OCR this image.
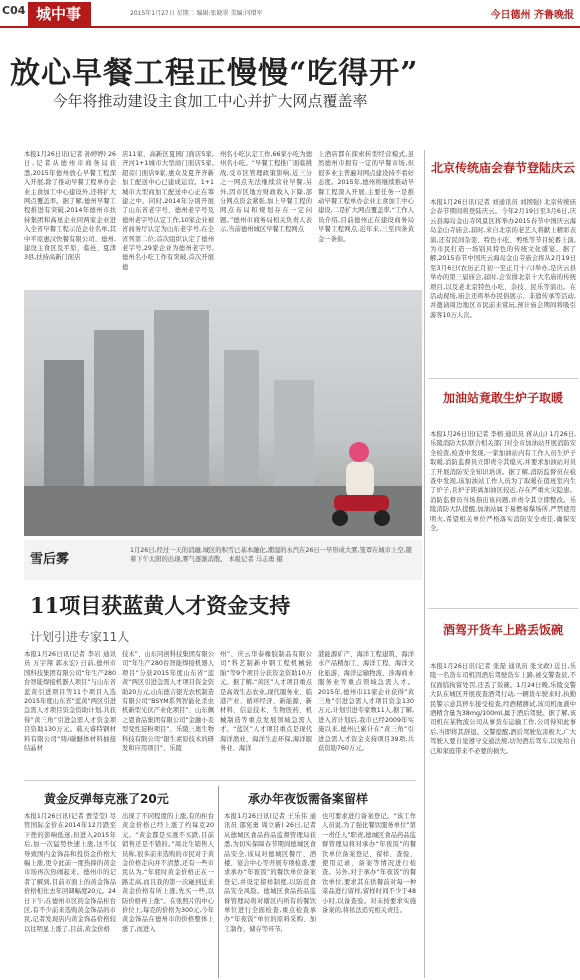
C04 城中事	2015年1月27日 星期二 编辑:张晓翠 美编:闫增军	今日德州 齐鲁晚报
放心早餐工程正慢慢“吃得开”
今年将推动建设主食加工中心并扩大网点覆盖率
本报1月26日讯(记者 孙婷婷) 26日,记者从德州市商务局获悉,2015年德州放心早餐工程深入开展,除了推动早餐工程单办企业主食加工中心建设外,还将扩大网点覆盖率。据了解,德州早餐工程推进有突破,2014年德州市扶持集团和高星企业同两家企业进入全省早餐工程示范企业名单,其中平原惠汉快餐有限公司、德州,建设主食区及平原、临邑、夏津3县,扶持高新门面店
店11家、高新区夏园门面店5家,齐河1+1城市大型商门面店5家,超旁门面店9家,惠众及夏齐齐新加工配送中心已建成运营。1+1城市大型商加工配送中心正在筹建之中。同时,2014年分别开展了山东省老字号、德州老字号及德州老字号认定工作,10家企业被省商务厅认定为山东老字号,在全省列第二位;首次组织认定了德州老字号,29家企业为德州老字号,德州名小吃工作有突破,首次开展德
州名小吃认定工作,66家小吃为德州名小吃。“早餐工程推广面临挑战,受市区管理政策影响,近三分之一网点无法继续营业早餐,另外,因市区地方财政收入下降,部分网点资金紧张,加上早餐工程的网点布局和规划存在一定问题。”德州市商务局相关负责人表示,当前德州城区早餐工程网点
上酒店都在探索转型经营模式,虽然德州市拥有一定的早餐市场,但很多业主普遍对网点建设持不看好态度。2015年,德州将继续推动早餐工程深入开展,主要任务一是推动早餐工程单办企业主食加工中心建设,二是扩大网点覆盖率,“工作人员介绍,目前德州正在建设商务局早餐工程网点,近年来,三至四条黄金一条街。
雪后雾
1月26日,经过一天的消融,城区的积雪已基本融化,潮湿的水汽在26日一早形成大雾,笼罩在城市上空,随着下午太阳的出现,雾气逐渐消散。 本报记者 马志勇 摄
11项目获蓝黄人才资金支持
计划引进专家11人
本报1月26日讯(记者 李岩 通讯员 万宇翔 郭永宏) 日前,德州市国科技集团有限公司“年生产280台智能焊接机器人项目”与山东省蓝黄引进项目等11个项目入选2015年度山东省“蓝黄”两区引进急需人才项目资金资助计划,共获得“黄三角”引进急需人才资金项目资助130万元。载天睿特钢材料有限公司“铸/碳醚体材料抽接结晶材
技术”、山东同创科技集团有限公司“年生产280台智能焊接机器人项目”分获2015年度山东省“蓝黄”两区引进急需人才项目资金资助20万元,山东德吉银光农机制造有限公司“BSYM系列智能化杀虫机新型光伏产业化项目”、山东佩之恩食品集团有限公司“金融小麦型变性淀粉项目”、乐陵三奥生物科技有限公司“银生素原技术的研发和应用项目”、乐陵
州”、庆云华泰橡胶制品有限公司“科艺制新中钢工程机械轮胎”等9个项目分获资金资助10万元。据了解,“黄区”人才项目重点是高效生态农业,现代服务业、临港产业、循环经济、新能源、新材料、信息技术、生物医药、机械制造等重点发展领域急需人才。“蓝区”人才项目重点是现代海洋渔业、海洋生态环保,海洋服务业、海洋
港能源矿产、海洋工程建筑、海洋水产品精加工、海洋工程、海洋文化旅游、海洋运输物流、涉海商业服务业等重点领域急需人才。2015年,德州市11家企业获得“黄三角”引进急需人才项目资金130万元,计划引进专家数11人,据了解,进入省计划后,我市已经2009年实施以来,德州已累计在“黄三角”引进急需人才资金支持项目39项,共获资助760万元。
黄金反弹每克涨了20元
本报1月26日讯(记者 贾莹莹) 尽管国际金价在2014年12月跌至下挫的影响低迷,但进入2015年后,加一次猛势快速上涨,这不仅导致国内金饰品和投资金价格大幅上涨,更令此前一度热捧的黄金市场再次热闹起来。德州市的记者了解到,目前市面上的黄金饰品价格相比去年回调幅度20元。24日下午,在德州市区的金饰品柜台区,有不少前来选购黄金饰品的市民,记者发现店内黄金饰品价格较以往明显上涨了,目前,黄金价格
出现了不同程度的上涨,有的柜台黄金价格已经上涨了约每克20元。“黄金都是买涨不买跌,目前销售还是不错的。”周北生销售人员称,很多前来选购的市民对于黄金价格走向并不清楚,还有一些市民认为,“年底时黄金价格正在一路走高,而且我的第一次碰到近来黄金价格有所上涨,先买一些,以防价格再上涨”。在张照片的中心价位上,每克的价格为300元,今年黄金饰品在德州市的价格整体上涨了,而进入
承办年夜饭需备案留样
本报1月26日讯(记者 王乐伟 通讯员 邵宪勇 周立新) 26日,记者从德城区食品药品监督管理局获悉,为切实保障春节期间德城区食品安全,该局对德城区餐厅、酒楼、宴会中心等开展专项检查,要求承办“年夜饭”的餐饮单位备案登记,并设定留样制度,以防范食品安全风险。德城区食品药品监督管理局将对辖区内所有的餐饮单位进行全面检查,重点检查承办“年夜饭”单位的原料采购、加工制作、储存等环节,
也可要求进行备案登记。“该工作人员说,为了强化餐饮服务单位”第一责任人”职责,德城区食品药品监督管理局将对承办“年夜饭”的餐饮单位备案登记、留样、查验、使用记录、备案等情况进行检查。另外,对于承办“年夜饭”的餐饮单位,要求其在供餐前对每一种菜品进行留样,留样时间不少于48小时,以备查验。对未按要求实施备案的,将依法追究相关责任。
北京传统庙会春节登陆庆云
本报1月26日讯(记者 刘通讯员 刘国强) 北京传统庙会春节期间将登陆庆云。今年2月19日至3月6日,庆云县海岛金山寺风景区将举办2015春节中国庆云海岛金山寺庙会,届时,来自北京的老艺人将献上精彩表演,还有民间杂耍、特色小吃、剪纸等节目轮番上演,为市民打造一场别具特色的传统文化盛宴。据了解,2015春节中国庆云海岛金山寺庙会将从2月19日至3月6日(农历正月初一至正月十六)举办,是庆云县举办的第三届庙会,届时,会安排北京十大名庙的传统项目,以及老北京特色小吃、杂技、民乐等演出。在活动现场,庙会还将举办民俗展示、非遗传承等活动,并邀请周边地区市民前来赏玩,预计庙会期间将吸引游客10万人次。
加油站竟敢生炉子取暖
本报1月26日讯(记者 李榕 通讯员 蒋从山) 1月26日,乐陵消防大队联合相关部门对全市加油站开展消防安全检查,检查中发现,一家加油站内有工作人员生炉子取暖,消防监督员立即责令其熄灭,并要求加油站对员工开展消防安全知识培训。据了解,消防监督员在检查中发现,该加油站工作人员为了取暖在值班室内生了炉子,且炉子距离加油区较近,存在严重火灾隐患。消防监督员当场指出该问题,并责令其立即整改。乐陵消防大队提醒,加油站属于易燃易爆场所,严禁使用明火,希望相关单位严格落实消防安全责任,确保安全。
酒驾开货车上路丢饭碗
本报1月26日讯(记者 张磊 通讯员 张文政) 近日,乐陵一名货车司机因酒后驾驶货车上路,被交警查获,不仅面临拘留处罚,还丢了饭碗。1月24日晚,乐陵交警大队在城区开展夜查酒驾行动,一辆货车驶来时,执勤民警示意其停车接受检查,经酒精测试,该司机血液中酒精含量为38mg/100ml,属于酒后驾驶。据了解,该司机在某物流公司从事货车运输工作,公司得知此事后,当即将其辞退。交警提醒,酒后驾驶危害极大,广大驾驶人要自觉遵守交通法规,切勿酒后驾车,以免给自己和家庭带来不必要的损失。
